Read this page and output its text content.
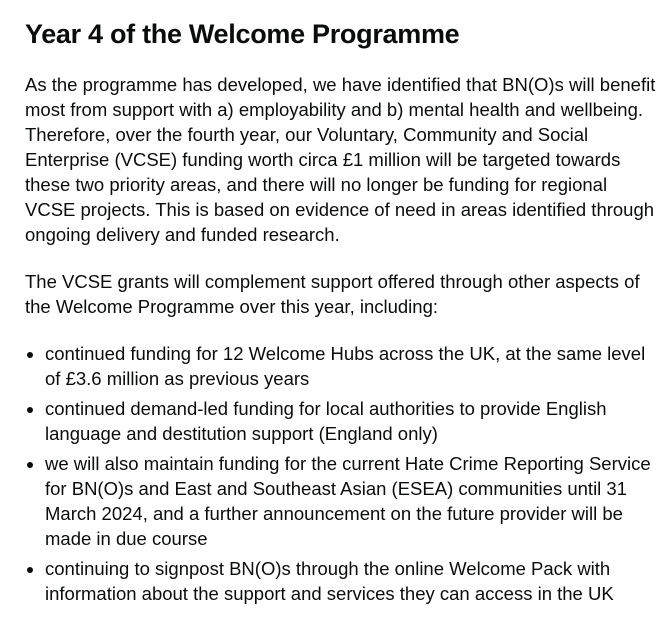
Year 4 of the Welcome Programme

As the programme has developed, we have identified that BN(O)s will benefit most from support with a) employability and b) mental health and wellbeing. Therefore, over the fourth year, our Voluntary, Community and Social Enterprise (VCSE) funding worth circa £1 million will be targeted towards these two priority areas, and there will no longer be funding for regional VCSE projects. This is based on evidence of need in areas identified through ongoing delivery and funded research.

The VCSE grants will complement support offered through other aspects of the Welcome Programme over this year, including:

• continued funding for 12 Welcome Hubs across the UK, at the same level of £3.6 million as previous years
• continued demand-led funding for local authorities to provide English language and destitution support (England only)
• we will also maintain funding for the current Hate Crime Reporting Service for BN(O)s and East and Southeast Asian (ESEA) communities until 31 March 2024, and a further announcement on the future provider will be made in due course
• continuing to signpost BN(O)s through the online Welcome Pack with information about the support and services they can access in the UK
